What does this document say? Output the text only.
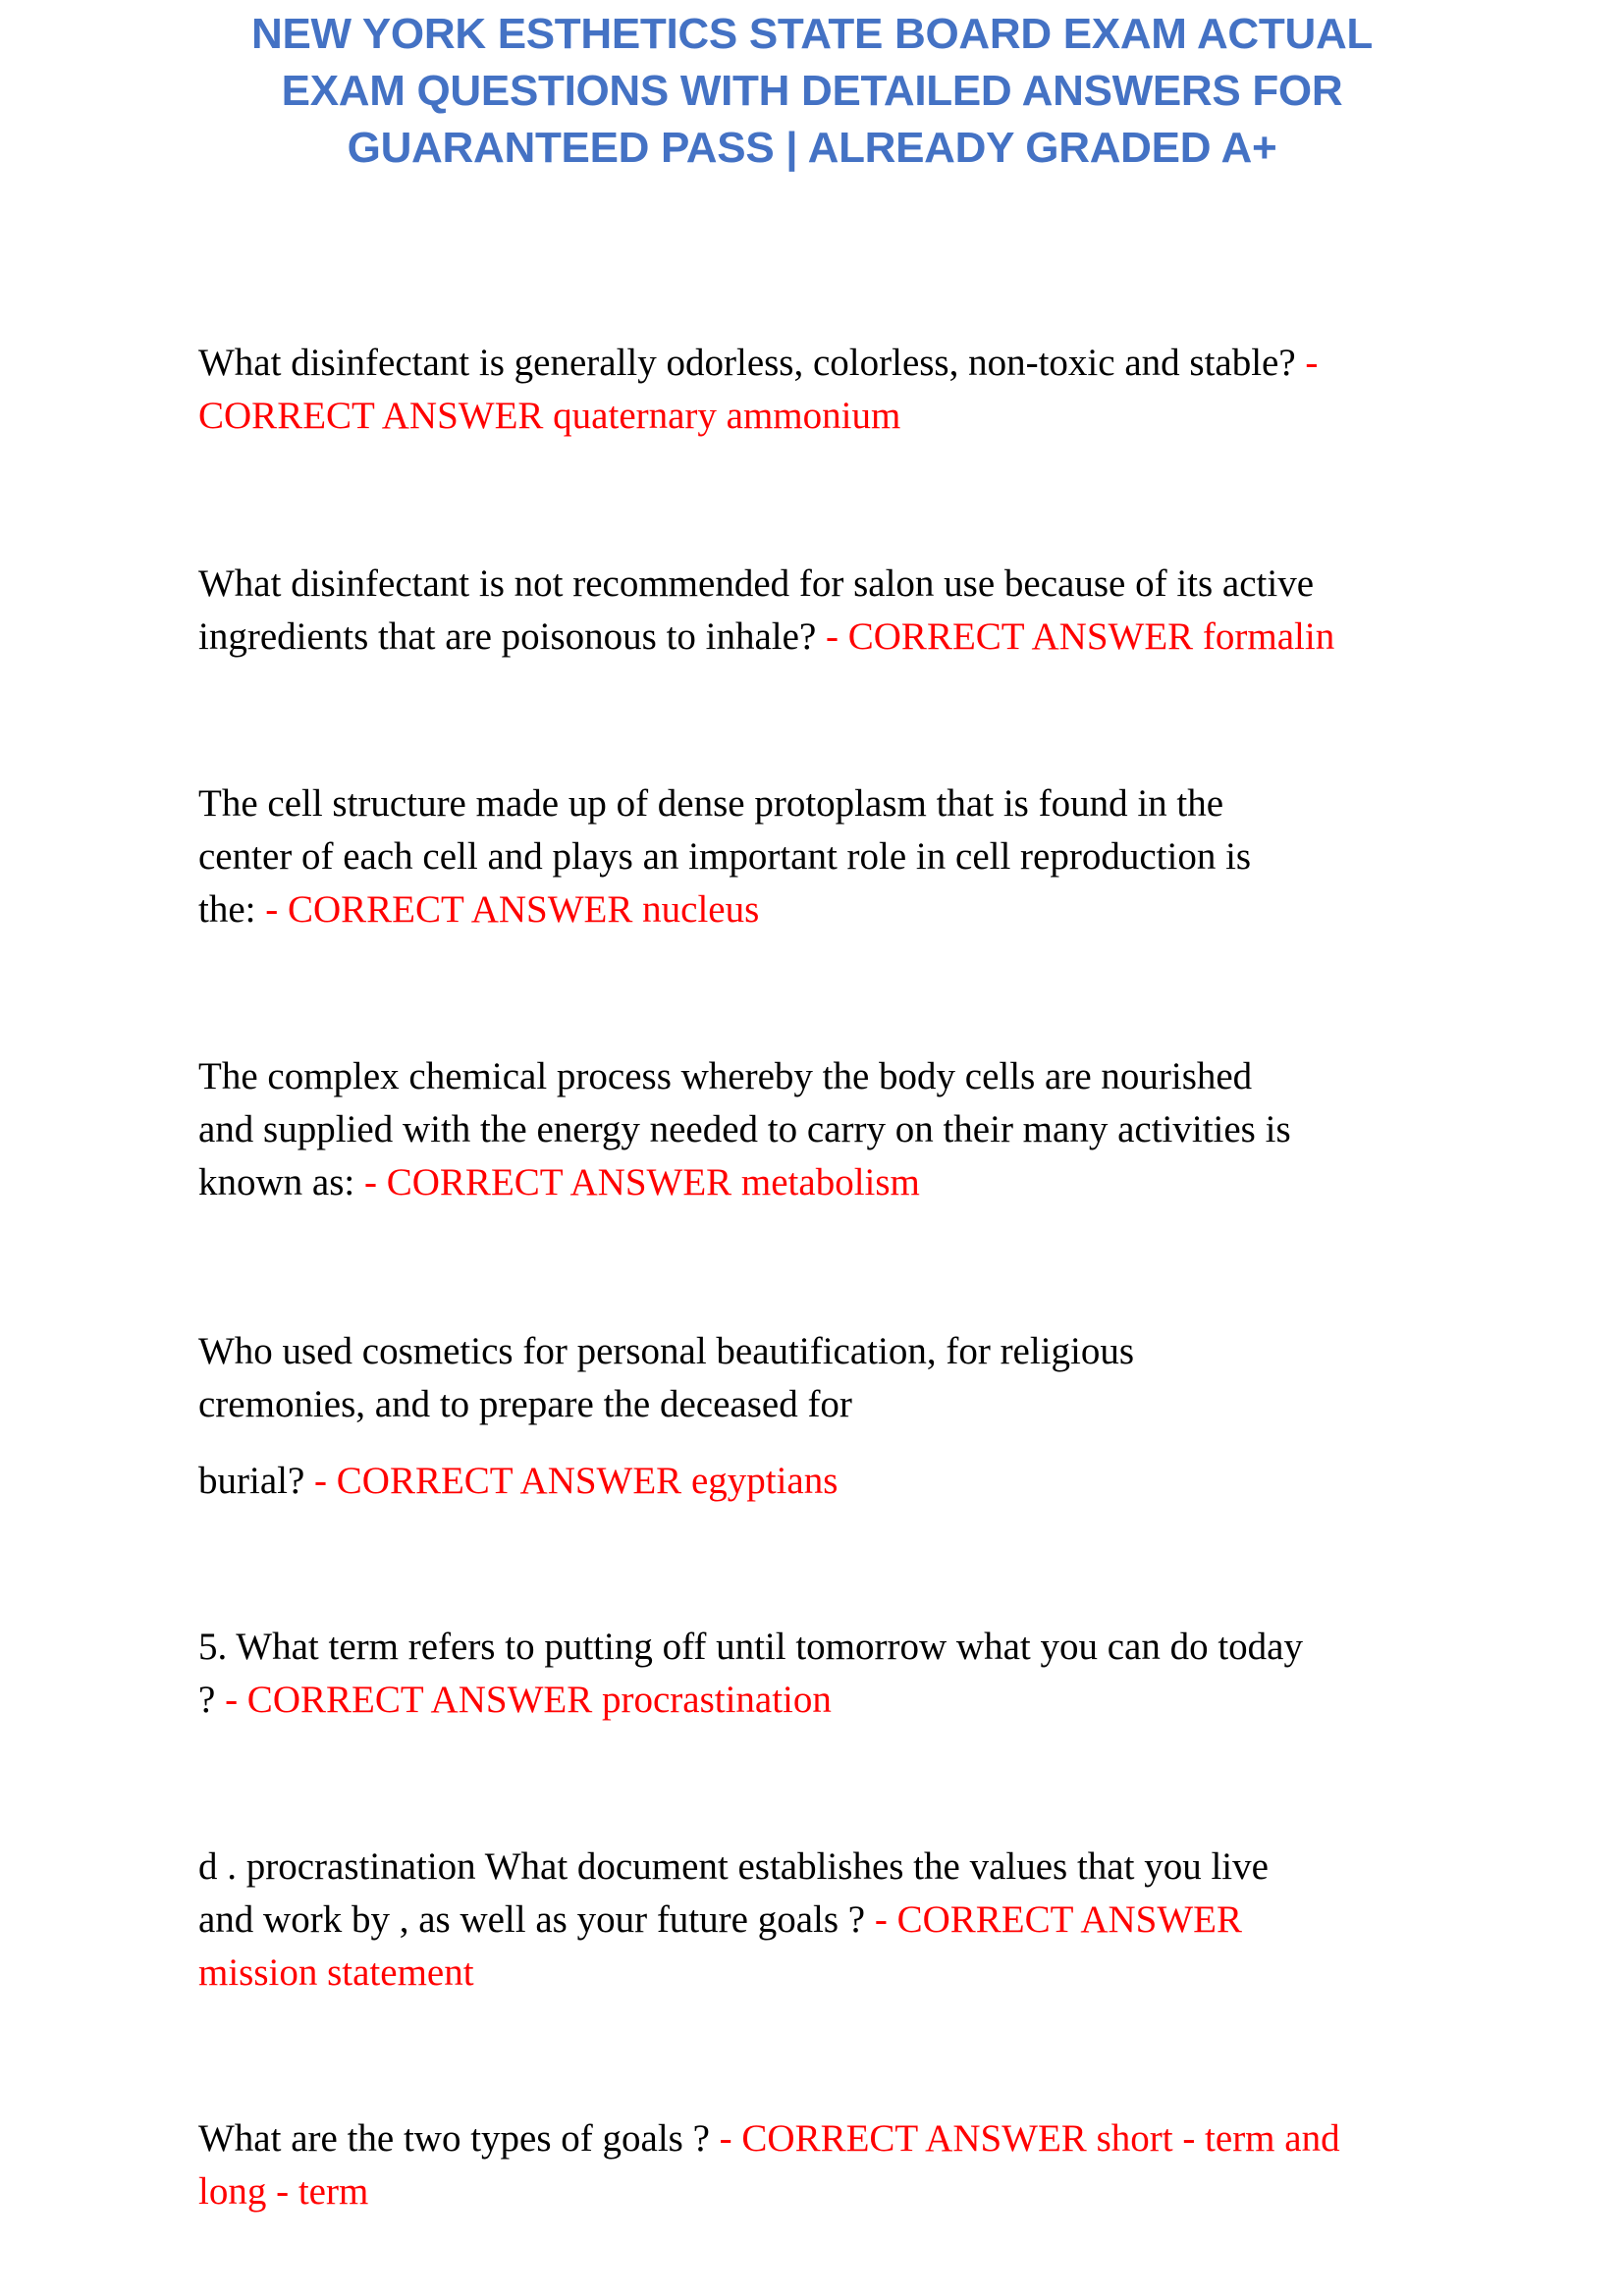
NEW YORK ESTHETICS STATE BOARD EXAM ACTUAL
EXAM QUESTIONS WITH DETAILED ANSWERS FOR
GUARANTEED PASS | ALREADY GRADED A+
What disinfectant is generally odorless, colorless, non-toxic and stable? -
CORRECT ANSWER quaternary ammonium
What disinfectant is not recommended for salon use because of its active
ingredients that are poisonous to inhale? - CORRECT ANSWER formalin
The cell structure made up of dense protoplasm that is found in the
center of each cell and plays an important role in cell reproduction is
the: - CORRECT ANSWER nucleus
The complex chemical process whereby the body cells are nourished
and supplied with the energy needed to carry on their many activities is
known as: - CORRECT ANSWER metabolism
Who used cosmetics for personal beautification, for religious
cremonies, and to prepare the deceased for

burial? - CORRECT ANSWER egyptians
5. What term refers to putting off until tomorrow what you can do today
? - CORRECT ANSWER procrastination
d . procrastination What document establishes the values that you live
and work by , as well as your future goals ? - CORRECT ANSWER
mission statement
What are the two types of goals ? - CORRECT ANSWER short - term and
long - term
